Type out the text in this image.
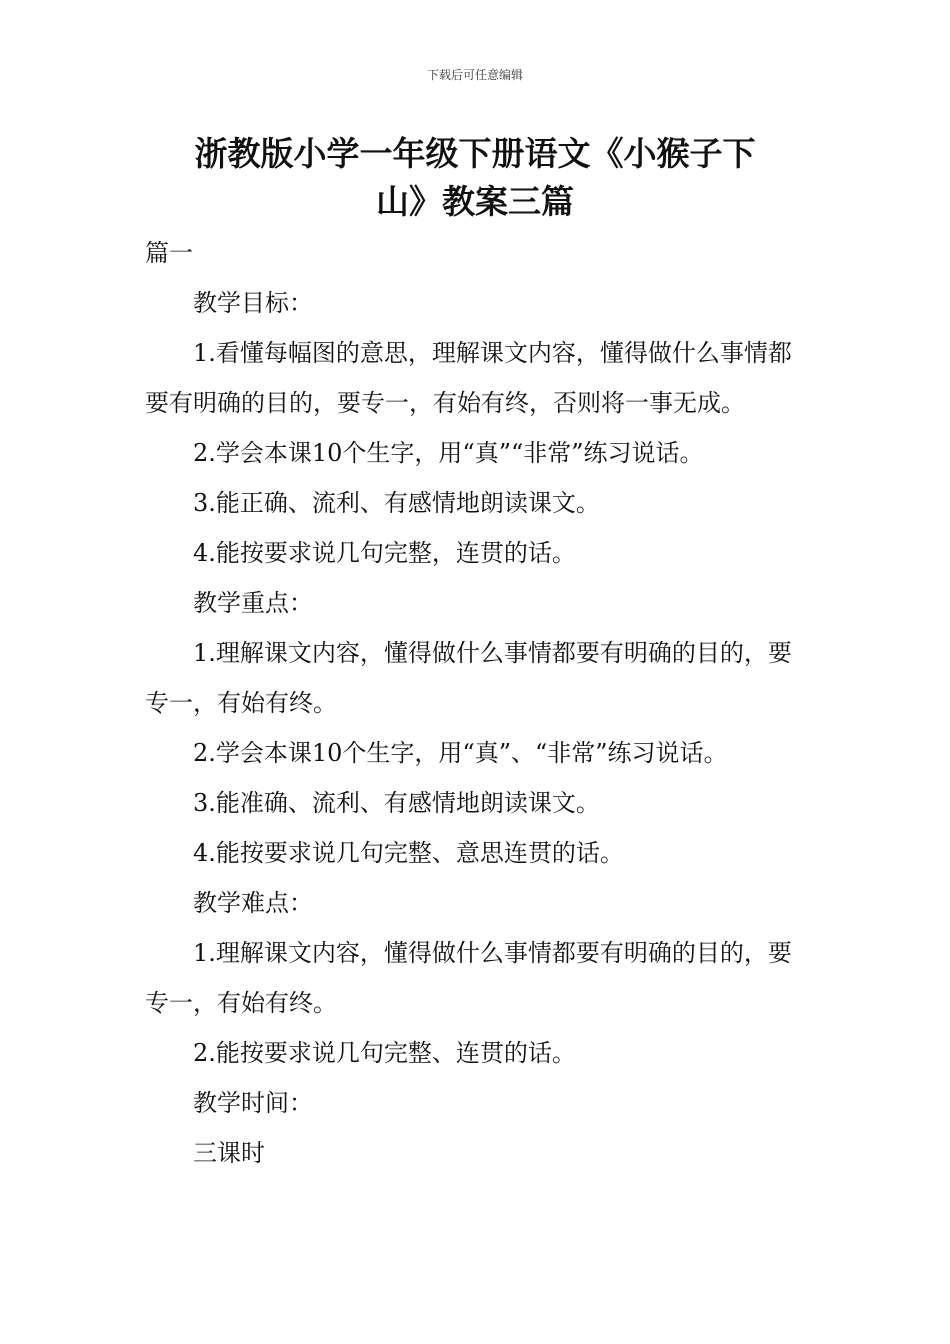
下载后可任意编辑
浙教版小学一年级下册语文《小猴子下
山》教案三篇

篇一

教学目标：

1.看懂每幅图的意思，理解课文内容，懂得做什么事情都要有明确的目的，要专一，有始有终，否则将一事无成。

2.学会本课10个生字，用“真”“非常”练习说话。

3.能正确、流利、有感情地朗读课文。

4.能按要求说几句完整，连贯的话。

教学重点：

1.理解课文内容，懂得做什么事情都要有明确的目的，要专一，有始有终。

2.学会本课10个生字，用“真”、“非常”练习说话。

3.能准确、流利、有感情地朗读课文。

4.能按要求说几句完整、意思连贯的话。

教学难点：

1.理解课文内容，懂得做什么事情都要有明确的目的，要专一，有始有终。

2.能按要求说几句完整、连贯的话。

教学时间：

三课时
